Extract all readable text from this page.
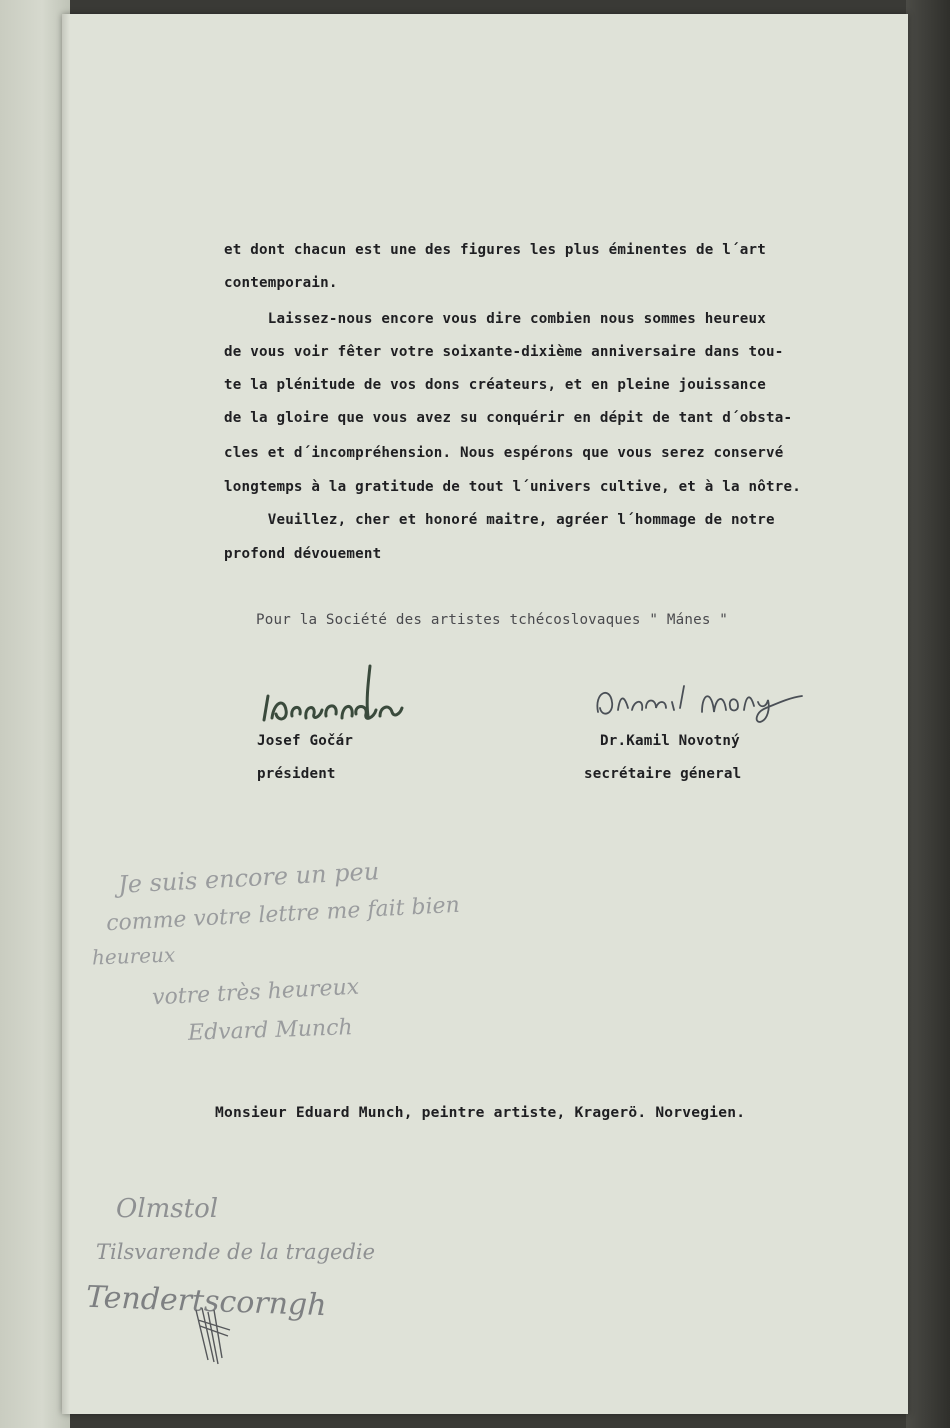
et dont chacun est une des figures les plus éminentes de l´art
contemporain.
Laissez-nous encore vous dire combien nous sommes heureux
de vous voir fêter votre soixante-dixième anniversaire dans tou-
te la plénitude de vos dons créateurs, et en pleine jouissance
de la gloire que vous avez su conquérir en dépit de tant d´obsta-
cles et d´incompréhension. Nous espérons que vous serez conservé
longtemps à la gratitude de tout l´univers cultive, et à la nôtre.
Veuillez, cher et honoré maitre, agréer l´hommage de notre
profond dévouement
Pour la Société des artistes tchécoslovaques " Mánes "
Josef Gočár
président
Dr.Kamil Novotný
secrétaire géneral
Je suis encore un peu
comme votre lettre me fait bien
heureux
votre très heureux
Edvard Munch
Monsieur Eduard Munch, peintre artiste, Kragerö. Norvegien.
Olmstol
Tilsvarende de la tragedie
Tendertscorngh
